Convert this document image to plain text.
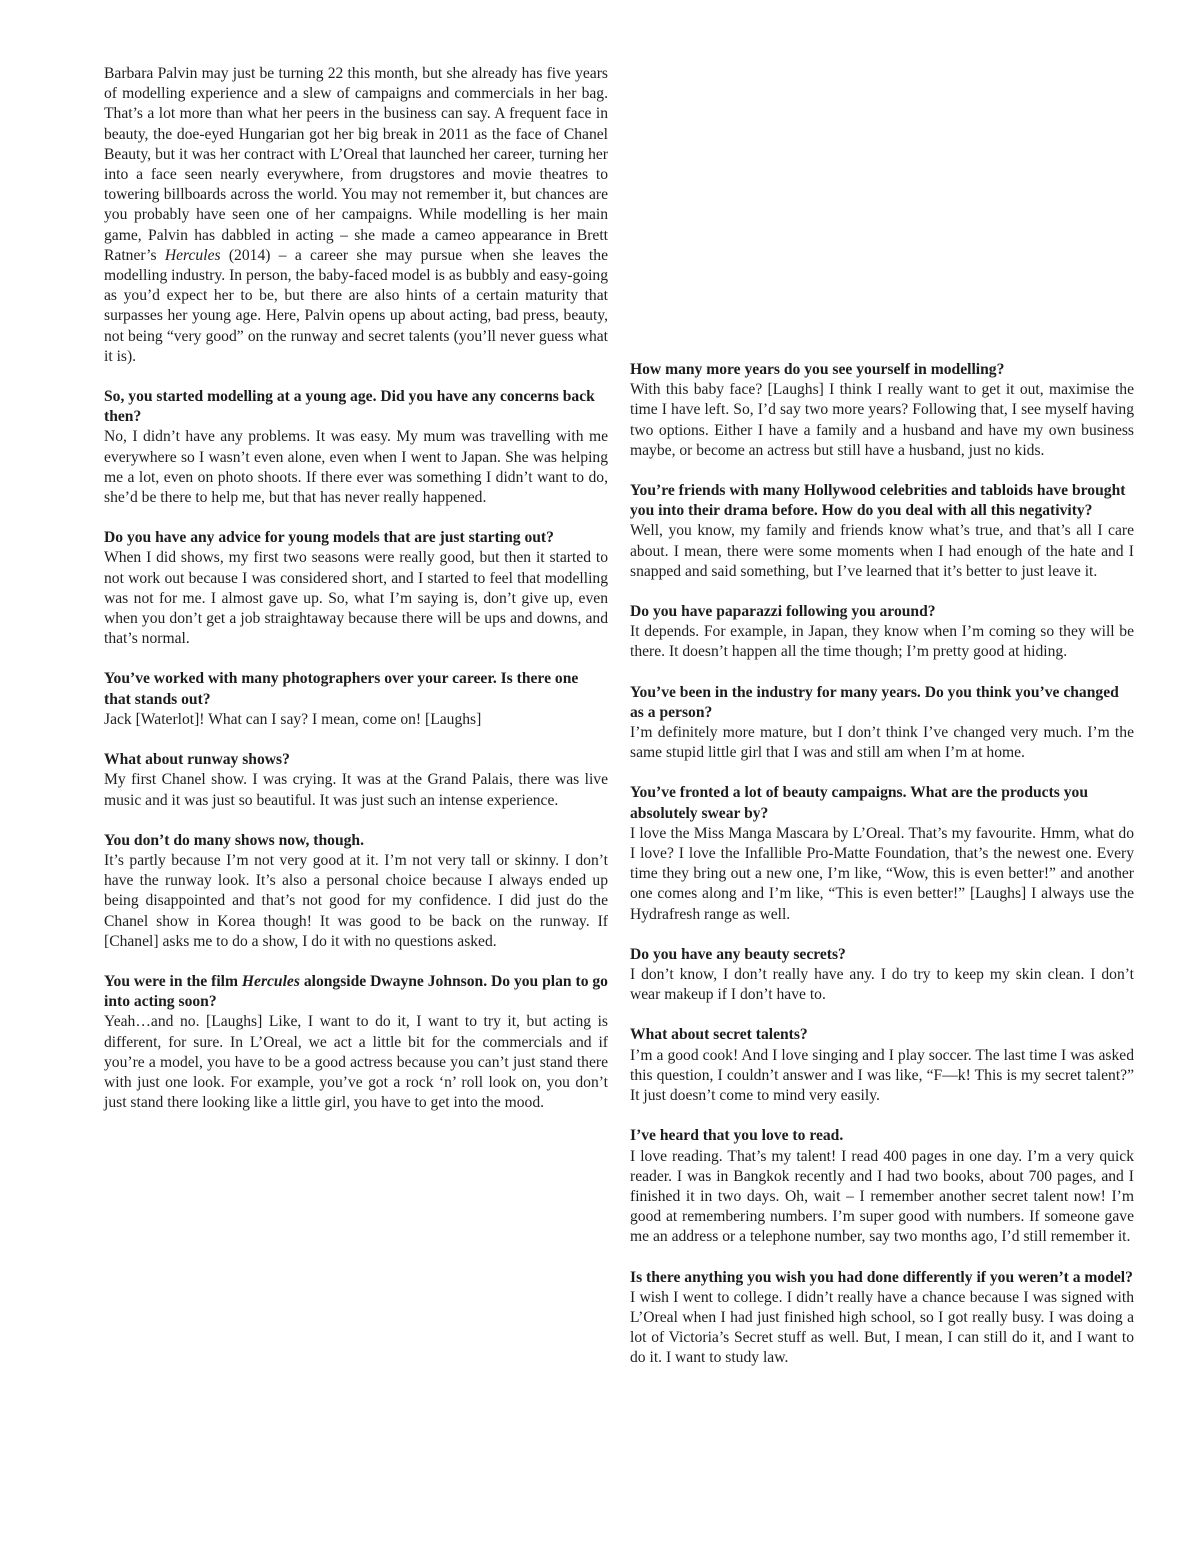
Barbara Palvin may just be turning 22 this month, but she already has five years of modelling experience and a slew of campaigns and commercials in her bag. That’s a lot more than what her peers in the business can say. A frequent face in beauty, the doe-eyed Hungarian got her big break in 2011 as the face of Chanel Beauty, but it was her contract with L’Oreal that launched her career, turning her into a face seen nearly everywhere, from drugstores and movie theatres to towering billboards across the world. You may not remember it, but chances are you probably have seen one of her campaigns. While modelling is her main game, Palvin has dabbled in acting – she made a cameo appearance in Brett Ratner’s Hercules (2014) – a career she may pursue when she leaves the modelling industry. In person, the baby-faced model is as bubbly and easy-going as you’d expect her to be, but there are also hints of a certain maturity that surpasses her young age. Here, Palvin opens up about acting, bad press, beauty, not being “very good” on the runway and secret talents (you’ll never guess what it is).

So, you started modelling at a young age. Did you have any concerns back then?

No, I didn’t have any problems. It was easy. My mum was travelling with me everywhere so I wasn’t even alone, even when I went to Japan. She was helping me a lot, even on photo shoots. If there ever was something I didn’t want to do, she’d be there to help me, but that has never really happened.

Do you have any advice for young models that are just starting out?

When I did shows, my first two seasons were really good, but then it started to not work out because I was considered short, and I started to feel that modelling was not for me. I almost gave up. So, what I’m saying is, don’t give up, even when you don’t get a job straightaway because there will be ups and downs, and that’s normal.

You’ve worked with many photographers over your career. Is there one that stands out?

Jack [Waterlot]! What can I say? I mean, come on! [Laughs]

What about runway shows?

My first Chanel show. I was crying. It was at the Grand Palais, there was live music and it was just so beautiful. It was just such an intense experience.

You don’t do many shows now, though.

It’s partly because I’m not very good at it. I’m not very tall or skinny. I don’t have the runway look. It’s also a personal choice because I always ended up being disappointed and that’s not good for my confidence. I did just do the Chanel show in Korea though! It was good to be back on the runway. If [Chanel] asks me to do a show, I do it with no questions asked.

You were in the film Hercules alongside Dwayne Johnson. Do you plan to go into acting soon?

Yeah…and no. [Laughs] Like, I want to do it, I want to try it, but acting is different, for sure. In L’Oreal, we act a little bit for the commercials and if you’re a model, you have to be a good actress because you can’t just stand there with just one look. For example, you’ve got a rock ‘n’ roll look on, you don’t just stand there looking like a little girl, you have to get into the mood.

How many more years do you see yourself in modelling?

With this baby face? [Laughs] I think I really want to get it out, maximise the time I have left. So, I’d say two more years? Following that, I see myself having two options. Either I have a family and a husband and have my own business maybe, or become an actress but still have a husband, just no kids.

You’re friends with many Hollywood celebrities and tabloids have brought you into their drama before. How do you deal with all this negativity?

Well, you know, my family and friends know what’s true, and that’s all I care about. I mean, there were some moments when I had enough of the hate and I snapped and said something, but I’ve learned that it’s better to just leave it.

Do you have paparazzi following you around?

It depends. For example, in Japan, they know when I’m coming so they will be there. It doesn’t happen all the time though; I’m pretty good at hiding.

You’ve been in the industry for many years. Do you think you’ve changed as a person?

I’m definitely more mature, but I don’t think I’ve changed very much. I’m the same stupid little girl that I was and still am when I’m at home.

You’ve fronted a lot of beauty campaigns. What are the products you absolutely swear by?

I love the Miss Manga Mascara by L’Oreal. That’s my favourite. Hmm, what do I love? I love the Infallible Pro-Matte Foundation, that’s the newest one. Every time they bring out a new one, I’m like, “Wow, this is even better!” and another one comes along and I’m like, “This is even better!” [Laughs] I always use the Hydrafresh range as well.

Do you have any beauty secrets?

I don’t know, I don’t really have any. I do try to keep my skin clean. I don’t wear makeup if I don’t have to.

What about secret talents?

I’m a good cook! And I love singing and I play soccer. The last time I was asked this question, I couldn’t answer and I was like, “F—k! This is my secret talent?” It just doesn’t come to mind very easily.

I’ve heard that you love to read.

I love reading. That’s my talent! I read 400 pages in one day. I’m a very quick reader. I was in Bangkok recently and I had two books, about 700 pages, and I finished it in two days. Oh, wait – I remember another secret talent now! I’m good at remembering numbers. I’m super good with numbers. If someone gave me an address or a telephone number, say two months ago, I’d still remember it.

Is there anything you wish you had done differently if you weren’t a model?

I wish I went to college. I didn’t really have a chance because I was signed with L’Oreal when I had just finished high school, so I got really busy. I was doing a lot of Victoria’s Secret stuff as well. But, I mean, I can still do it, and I want to do it. I want to study law.
